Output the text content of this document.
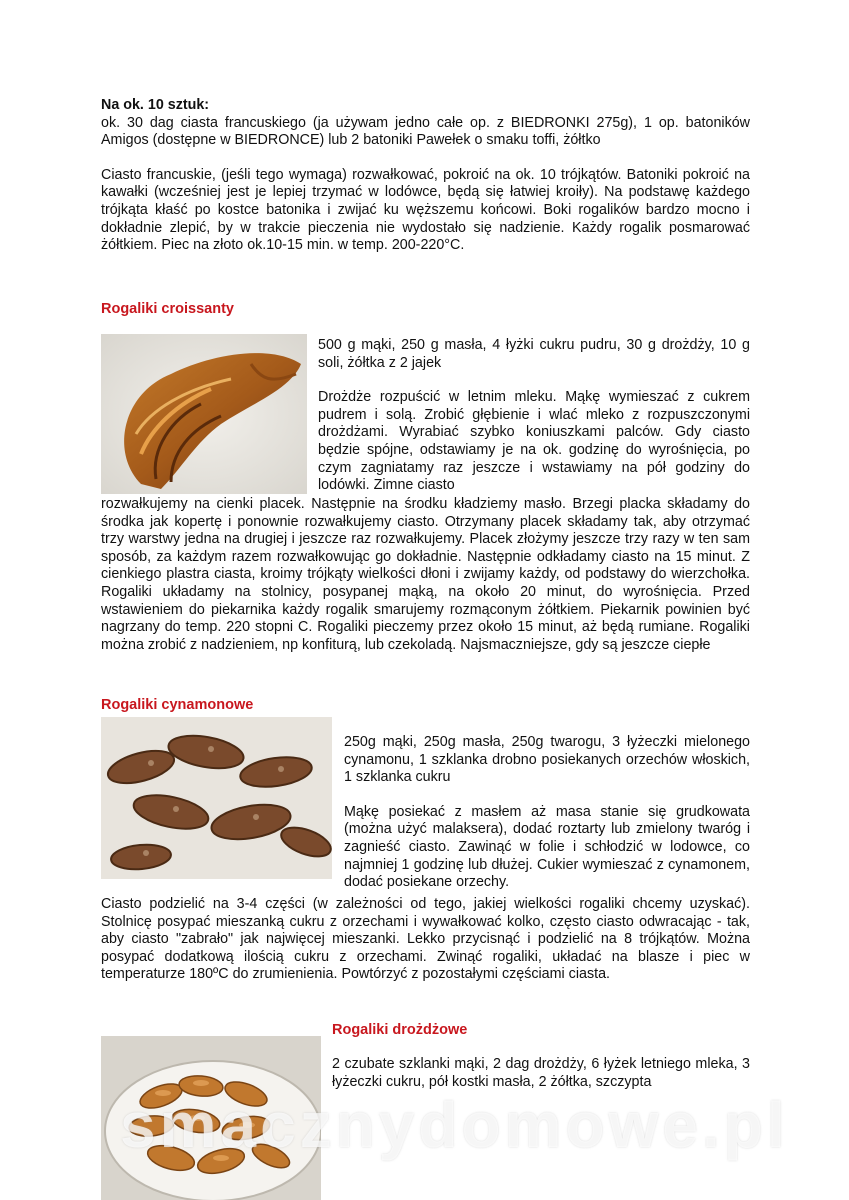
Na ok. 10 sztuk:

ok. 30 dag ciasta francuskiego (ja używam jedno całe op. z BIEDRONKI 275g), 1 op. batoników Amigos (dostępne w BIEDRONCE) lub 2 batoniki Pawełek o smaku toffi, żółtko

Ciasto francuskie, (jeśli tego wymaga) rozwałkować, pokroić na ok. 10 trójkątów. Batoniki pokroić na kawałki (wcześniej jest je lepiej trzymać w lodówce, będą się łatwiej kroiły). Na podstawę każdego trójkąta kłaść po kostce batonika i zwijać ku węższemu końcowi. Boki rogalików bardzo mocno i dokładnie zlepić, by w trakcie pieczenia nie wydostało się nadzienie. Każdy rogalik posmarować żółtkiem. Piec na złoto ok.10-15 min. w temp. 200-220°C.

Rogaliki croissanty

500 g mąki, 250 g masła, 4 łyżki cukru pudru, 30 g drożdży, 10 g soli, żółtka z 2 jajek

Drożdże rozpuścić w letnim mleku. Mąkę wymieszać z cukrem pudrem i solą. Zrobić głębienie i wlać mleko z rozpuszczonymi drożdżami. Wyrabiać szybko koniuszkami palców. Gdy ciasto będzie spójne, odstawiamy je na ok. godzinę do wyrośnięcia, po czym zagniatamy raz jeszcze i wstawiamy na pół godziny do lodówki. Zimne ciasto

rozwałkujemy na cienki placek. Następnie na środku kładziemy masło. Brzegi placka składamy do środka jak kopertę i ponownie rozwałkujemy ciasto. Otrzymany placek składamy tak, aby otrzymać trzy warstwy jedna na drugiej i jeszcze raz rozwałkujemy. Placek złożymy jeszcze trzy razy w ten sam sposób, za każdym razem rozwałkowując go dokładnie. Następnie odkładamy ciasto na 15 minut. Z cienkiego plastra ciasta, kroimy trójkąty wielkości dłoni i zwijamy każdy, od podstawy do wierzchołka. Rogaliki układamy na stolnicy, posypanej mąką, na około 20 minut, do wyrośnięcia. Przed wstawieniem do piekarnika każdy rogalik smarujemy rozmąconym żółtkiem. Piekarnik powinien być nagrzany do temp. 220 stopni C. Rogaliki pieczemy przez około 15 minut, aż będą rumiane. Rogaliki można zrobić z nadzieniem, np konfiturą, lub czekoladą. Najsmaczniejsze, gdy są jeszcze ciepłe
Rogaliki cynamonowe

250g mąki, 250g masła, 250g twarogu, 3 łyżeczki mielonego cynamonu, 1 szklanka drobno posiekanych orzechów włoskich, 1 szklanka cukru

Mąkę posiekać z masłem aż masa stanie się grudkowata (można użyć malaksera), dodać roztarty lub zmielony twaróg i zagnieść ciasto. Zawinąć w folie i schłodzić w lodowce, co najmniej 1 godzinę lub dłużej. Cukier wymieszać z cynamonem, dodać posiekane orzechy.

Ciasto podzielić na 3-4 części (w zależności od tego, jakiej wielkości rogaliki chcemy uzyskać). Stolnicę posypać mieszanką cukru z orzechami i wywałkować kolko, często ciasto odwracając - tak, aby ciasto "zabrało" jak najwięcej mieszanki. Lekko przycisnąć i podzielić na 8 trójkątów. Można posypać dodatkową ilością cukru z orzechami. Zwinąć rogaliki, układać na blasze i piec w temperaturze 180ºC do zrumienienia. Powtórzyć z pozostałymi częściami ciasta.
Rogaliki drożdżowe

2 czubate szklanki mąki, 2 dag drożdży, 6 łyżek letniego mleka, 3 łyżeczki cukru, pół kostki masła, 2 żółtka, szczypta

smacznydomowe.pl
